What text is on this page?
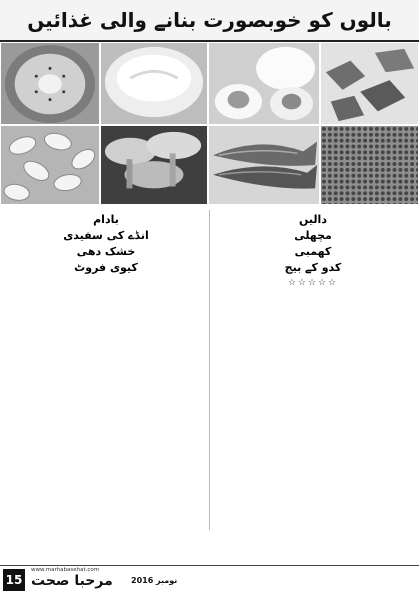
بالوں کو خوبصورت بنانے والی غذائیں

بادام

انڈے کی سفیدی

خشک دھی

کیوی فروٹ

دالیں

مچھلی

کھمبی

کدو کے بیج

☆☆☆☆☆
15
www.marhabasehat.com
مرحبا صحت نومبر 2016
